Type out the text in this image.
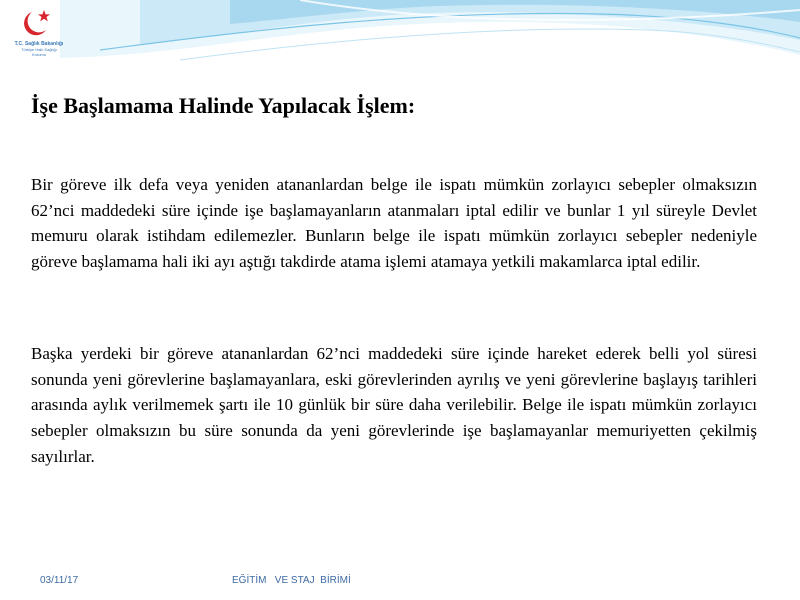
T.C. Sağlık Bakanlığı
Türkiye Halk Sağlığı
Kurumu
İşe Başlamama Halinde Yapılacak İşlem:

Bir göreve ilk defa veya yeniden atananlardan belge ile ispatı mümkün zorlayıcı sebepler olmaksızın 62’nci maddedeki süre içinde işe başlamayanların atanmaları iptal edilir ve bunlar 1 yıl süreyle Devlet memuru olarak istihdam edilemezler. Bunların belge ile ispatı mümkün zorlayıcı sebepler nedeniyle göreve başlamama hali iki ayı aştığı takdirde atama işlemi atamaya yetkili makamlarca iptal edilir.

Başka yerdeki bir göreve atananlardan 62’nci maddedeki süre içinde hareket ederek belli yol süresi sonunda yeni görevlerine başlamayanlara, eski görevlerinden ayrılış ve yeni görevlerine başlayış tarihleri arasında aylık verilmemek şartı ile 10 günlük bir süre daha verilebilir. Belge ile ispatı mümkün zorlayıcı sebepler olmaksızın bu süre sonunda da yeni görevlerinde işe başlamayanlar memuriyetten çekilmiş sayılırlar.

03/11/17	EĞİTİM   VE STAJ  BİRİMİ
